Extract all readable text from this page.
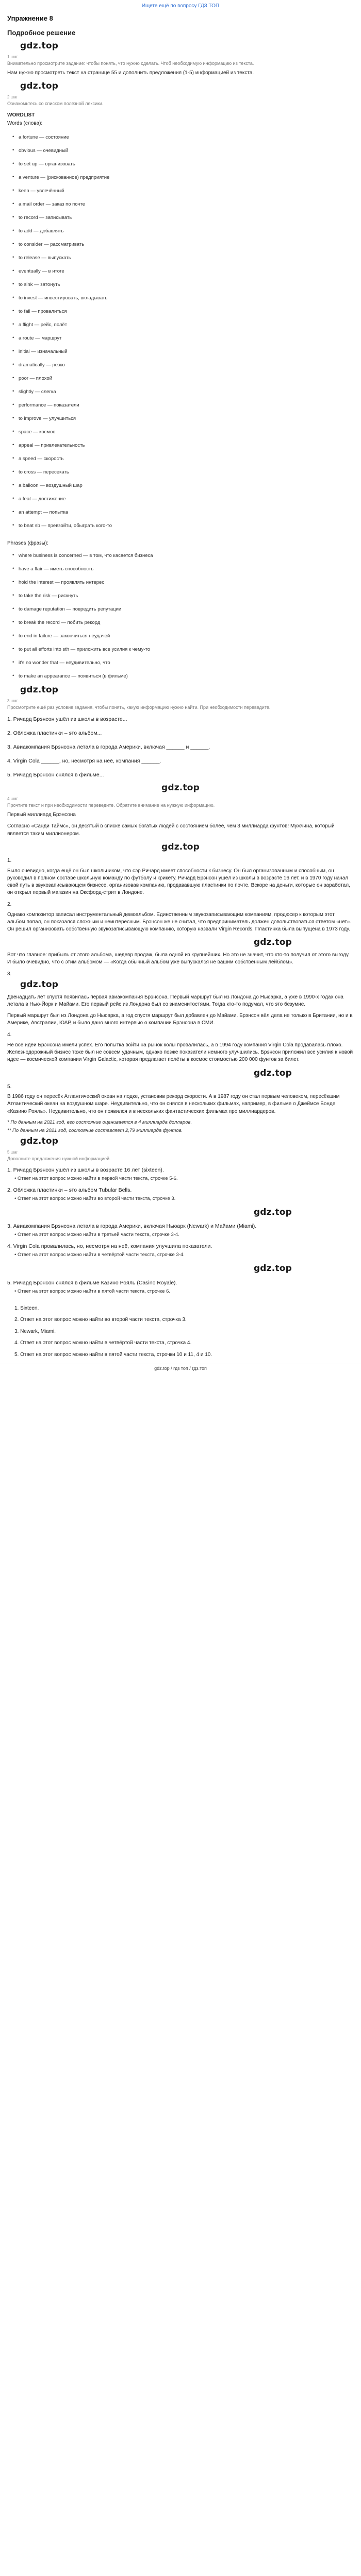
Ищете ещё по вопросу ГДЗ ТОП
Упражнение 8
Подробное решение
gdz.top
1 шаг
Внимательно просмотрите задание: чтобы понять, что нужно сделать. Чтоб необходимую информацию из текста.
Нам нужно просмотреть текст на странице 55 и дополнить предложения (1-5) информацией из текста.
gdz.top
2 шаг
Ознакомьтесь со списком полезной лексики.
WORDLIST
Words (слова):
• a fortune — состояние
• obvious — очевидный
• to set up — организовать
• a venture — (рискованное) предприятие
• keen — увлечённый
• a mail order — заказ по почте
• to record — записывать
• to add — добавлять
• to consider — рассматривать
• to release — выпускать
• eventually — в итоге
• to sink — затонуть
• to invest — инвестировать, вкладывать
• to fail — провалиться
• a flight — рейс, полёт
• a route — маршрут
• initial — изначальный
• dramatically — резко
• poor — плохой
• slightly — слегка
• performance — показатели
• to improve — улучшиться
• space — космос
• appeal — привлекательность
• a speed — скорость
• to cross — пересекать
• a balloon — воздушный шар
• a feat — достижение
• an attempt — попытка
• to beat sb — превзойти, обыграть кого-то
Phrases (фразы):
• where business is concerned — в том, что касается бизнеса
• have a flair — иметь способность
• hold the interest — проявлять интерес
• to take the risk — рискнуть
• to damage reputation — повредить репутации
• to break the record — побить рекорд
• to end in failure — закончиться неудачей
• to put all efforts into sth — приложить все усилия к чему-то
• it's no wonder that — неудивительно, что
• to make an appearance — появиться (в фильме)
gdz.top
3 шаг
Просмотрите ещё раз условие задания, чтобы понять, какую информацию нужно найти. При необходимости переведите.
1. Ричард Брэнсон ушёл из школы в возрасте...
2. Обложка пластинки – это альбом...
3. Авиакомпания Брэнсона летала в города Америки, включая ______ и ______.
4. Virgin Cola ______, но, несмотря на неё, компания ______.
5. Ричард Брэнсон снялся в фильме...
gdz.top
4 шаг
Прочтите текст и при необходимости переведите. Обратите внимание на нужную информацию.
Первый миллиард Брэнсона
Согласно «Санди Таймс», он десятый в списке самых богатых людей с состоянием более, чем 3 миллиарда фунтов! Мужчина, который является таким миллионером.
gdz.top
1.
Было очевидно, когда ещё он был школьником, что сэр Ричард имеет способности к бизнесу. Он был организованным и способным, он руководил в полном составе школьную команду по футболу и крикету. Ричард Брэнсон ушёл из школы в возрасте 16 лет, и в 1970 году начал свой путь в звукозаписывающем бизнесе, организовав компанию, продававшую пластинки по почте. Вскоре на деньги, которые он заработал, он открыл первый магазин на Оксфорд-стрит в Лондоне.
2.
Однако композитор записал инструментальный демоальбом. Единственным звукозаписывающим компаниям, продюсер к которым этот альбом попал, он показался сложным и неинтересным. Брэнсон же не считал, что предприниматель должен довольствоваться ответом «нет». Он решил организовать собственную звукозаписывающую компанию, которую назвали Virgin Records. Пластинка была выпущена в 1973 году.
gdz.top
Вот что главное: прибыль от этого альбома, шедевр продаж, была одной из крупнейших. Но это не значит, что кто-то получил от этого выгоду. И было очевидно, что с этим альбомом — «Когда обычный альбом уже выпускался не вашим собственным лейблом».
3.
gdz.top
Двенадцать лет спустя появилась первая авиакомпания Брэнсона. Первый маршрут был из Лондона до Ньюарка, а уже в 1990-х годах она летала в Нью-Йорк и Майами. Его первый рейс из Лондона был со знаменитостями. Тогда кто-то подумал, что это безумие.
Первый маршрут был из Лондона до Ньюарка, а год спустя маршрут был добавлен до Майами. Брэнсон вёл дела не только в Британии, но и в Америке, Австралии, ЮАР, и было дано много интервью о компании Брэнсона в СМИ.
4.
Не все идеи Брэнсона имели успех. Его попытка войти на рынок колы провалилась, а в 1994 году компания Virgin Cola продавалась плохо. Железнодорожный бизнес тоже был не совсем удачным, однако позже показатели немного улучшились. Брэнсон приложил все усилия к новой идее — космической компании Virgin Galactic, которая предлагает полёты в космос стоимостью 200 000 фунтов за билет.
gdz.top
5.
В 1986 году он пересёк Атлантический океан на лодке, установив рекорд скорости. А в 1987 году он стал первым человеком, пересёкшим Атлантический океан на воздушном шаре. Неудивительно, что он снялся в нескольких фильмах, например, в фильме о Джеймсе Бонде «Казино Рояль». Неудивительно, что он появился и в нескольких фантастических фильмах про миллиардеров.
* По данным на 2021 год, его состояние оценивается в 4 миллиарда долларов.
** По данным на 2021 год, состояние составляет 2,79 миллиарда фунтов.
gdz.top
5 шаг
Дополните предложения нужной информацией.
1. Ричард Брэнсон ушёл из школы в возрасте 16 лет (sixteen).
• Ответ на этот вопрос можно найти в первой части текста, строчке 5-6.
2. Обложка пластинки – это альбом Tubular Bells.
• Ответ на этот вопрос можно найти во второй части текста, строчке 3.
gdz.top
3. Авиакомпания Брэнсона летала в города Америки, включая Ньюарк (Newark) и Майами (Miami).
• Ответ на этот вопрос можно найти в третьей части текста, строчке 3-4.
4. Virgin Cola провалилась, но, несмотря на неё, компания улучшила показатели.
• Ответ на этот вопрос можно найти в четвёртой части текста, строчке 3-4.
gdz.top
5. Ричард Брэнсон снялся в фильме Казино Рояль (Casino Royale).
• Ответ на этот вопрос можно найти в пятой части текста, строчке 6.
1. Sixteen.
2. Ответ на этот вопрос можно найти во второй части текста, строчка 3.
3. Newark, Miami.
4. Ответ на этот вопрос можно найти в четвёртой части текста, строчка 4.
5. Ответ на этот вопрос можно найти в пятой части текста, строчки 10 и 11, 4 и 10.
gdz.top / гдз топ / гдз.топ
